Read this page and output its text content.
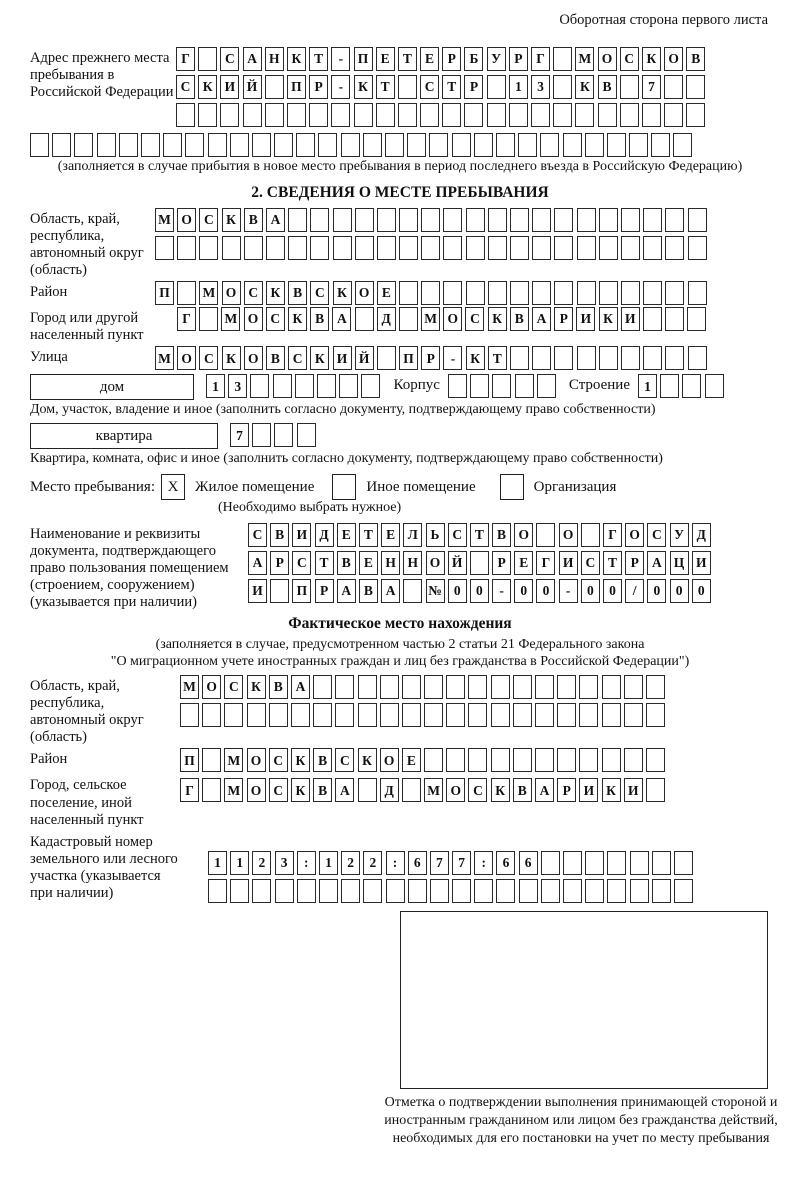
Оборотная сторона первого листа
Адрес прежнего места пребывания в Российской Федерации
Г	С А Н К Т	-	П Е Т Е	Р	Б У Р	Г	М О С К О В
С К И Й	П Р	-	К Т	С Т	Р	1	3	К В	7
(заполняется в случае прибытия в новое место пребывания в период последнего въезда в Российскую Федерацию)
2. СВЕДЕНИЯ О МЕСТЕ ПРЕБЫВАНИЯ
Область, край, республика, автономный округ (область)
М О С К В А
Район	П	М О С К В С К О Е
Город или другой населенный пункт
Г	М О С К В А	Д	М О С К В А Р И К И
Улица	М О С К О В С К И Й	П Р	-	К Т
дом	1	3	Корпус	Строение	1
Дом, участок, владение и иное (заполнить согласно документу, подтверждающему право собственности)
квартира	7
Квартира, комната, офис и иное (заполнить согласно документу, подтверждающему право собственности)
Место пребывания: X	Жилое помещение	Иное помещение	Организация
(Необходимо выбрать нужное)
Наименование и реквизиты документа, подтверждающего право пользования помещением (строением, сооружением) (указывается при наличии)
С В И Д Е Т Е Л Ь С Т В О	О	Г О С У Д
А Р С Т В Е Н Н О Й	Р	Е Г И С Т	Р А Ц И
И	П Р А В А	№ 0	0	-	0	0	-	0	0	/	0	0	0
Фактическое место нахождения
(заполняется в случае, предусмотренном частью 2 статьи 21 Федерального закона
"О миграционном учете иностранных граждан и лиц без гражданства в Российской Федерации")
Область, край, республика, автономный округ (область)
М О С К В А
Район	П	М О С К В С К О Е
Город, сельское поселение, иной населенный пункт
Г	М О С К В А	Д	М О С К В А Р И К И
Кадастровый номер земельного или лесного участка (указывается при наличии)
1	1	2	3	:	1	2	2	:	6	7	7	:	6	6
Отметка о подтверждении выполнения принимающей стороной и иностранным гражданином или лицом без гражданства действий, необходимых для его постановки на учет по месту пребывания
